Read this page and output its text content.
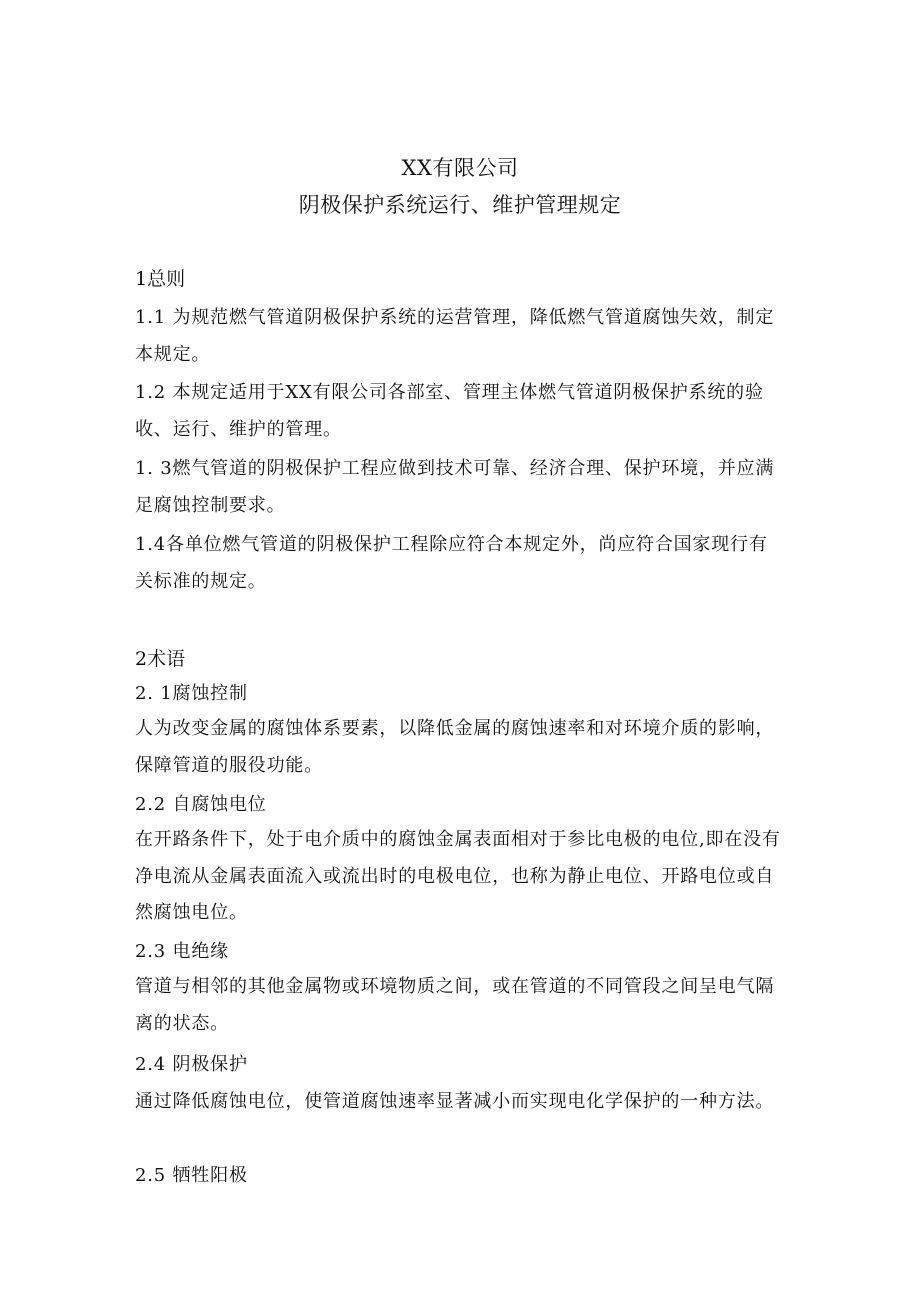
XX有限公司
阴极保护系统运行、维护管理规定
1总则
1.1 为规范燃气管道阴极保护系统的运营管理，降低燃气管道腐蚀失效，制定本规定。
1.2 本规定适用于XX有限公司各部室、管理主体燃气管道阴极保护系统的验收、运行、维护的管理。
1. 3燃气管道的阴极保护工程应做到技术可靠、经济合理、保护环境，并应满足腐蚀控制要求。
1.4各单位燃气管道的阴极保护工程除应符合本规定外，尚应符合国家现行有关标准的规定。
2术语
2. 1腐蚀控制
人为改变金属的腐蚀体系要素，以降低金属的腐蚀速率和对环境介质的影响，保障管道的服役功能。
2.2 自腐蚀电位
在开路条件下，处于电介质中的腐蚀金属表面相对于参比电极的电位,即在没有净电流从金属表面流入或流出时的电极电位，也称为静止电位、开路电位或自然腐蚀电位。
2.3 电绝缘
管道与相邻的其他金属物或环境物质之间，或在管道的不同管段之间呈电气隔离的状态。
2.4 阴极保护
通过降低腐蚀电位，使管道腐蚀速率显著减小而实现电化学保护的一种方法。
2.5 牺牲阳极
